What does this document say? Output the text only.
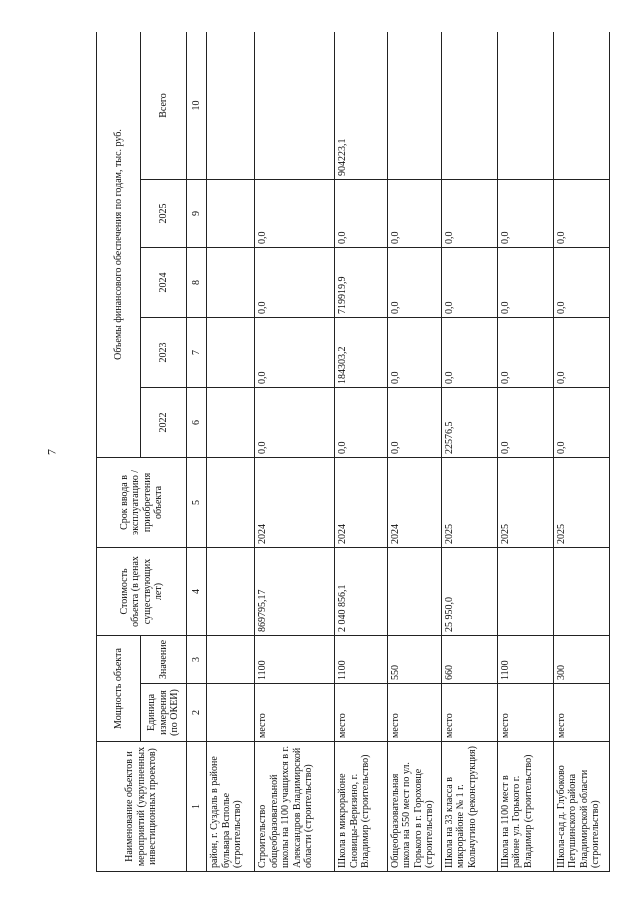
7
Наименование объектов и мероприятий (укрупненных инвестиционных проектов)	Мощность объекта		Стоимость объекта (в ценах существующих лет)	Срок ввода в эксплуатацию /приобретения объекта	Объемы финансового обеспечения по годам, тыс. руб.				
	Единица измерения (по ОКЕИ)	Значение			2022	2023	2024	2025	Всего
1	2	3	4	5	6	7	8	9	10
район, г. Суздаль в районе бульвара Всполье (строительство)									
Строительство общеобразовательной школы на 1100 учащихся в г. Александров Владимирской области (строительство)	место	1100	869795,17	2024	0,0	0,0	0,0	0,0	
Школа в микрорайоне Сновицы-Веризино, г. Владимир (строительство)	место	1100	2 040 856,1	2024	0,0	184303,2	719919,9	0,0	904223,1
Общеобразовательная школа на 550 мест по ул. Горького в г. Гороховце (строительство)	место	550		2024	0,0	0,0	0,0	0,0	
Школа на 33 класса в микрорайоне № 1 г. Кольчугино (реконструкция)	место	660	25 950,0	2025	22576,5	0,0	0,0	0,0	
Школа на 1100 мест в районе ул. Горького г. Владимир (строительство)	место	1100		2025	0,0	0,0	0,0	0,0	
Школа-сад д. Глубоково Петушинского района Владимирской области (строительство)	место	300		2025	0,0	0,0	0,0	0,0	
